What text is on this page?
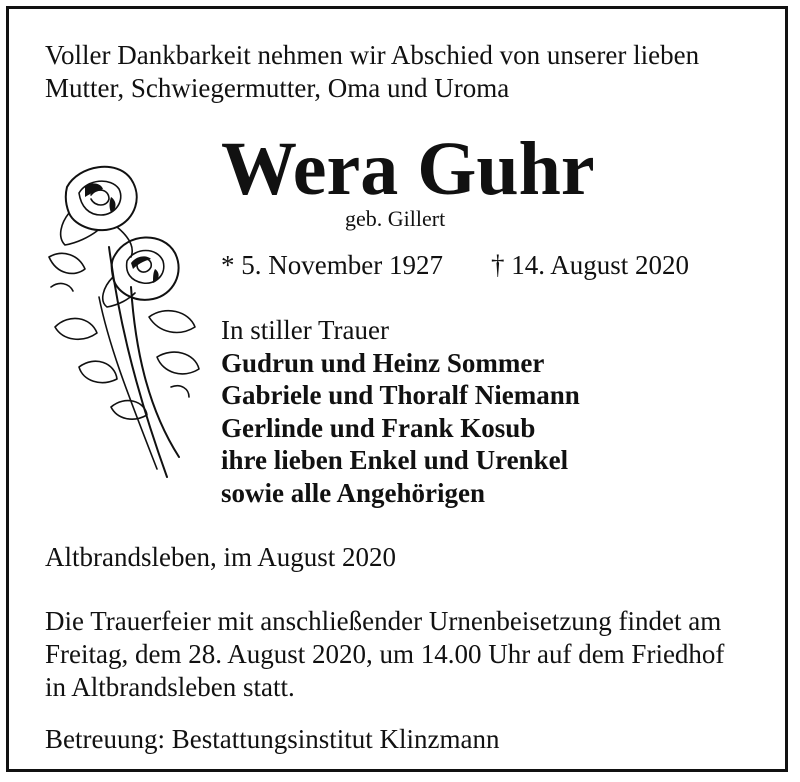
Voller Dankbarkeit nehmen wir Abschied von unserer lieben
Mutter, Schwiegermutter, Oma und Uroma
Wera Guhr
geb. Gillert
* 5. November 1927 † 14. August 2020
In stiller Trauer
Gudrun und Heinz Sommer
Gabriele und Thoralf Niemann
Gerlinde und Frank Kosub
ihre lieben Enkel und Urenkel
sowie alle Angehörigen
Altbrandsleben, im August 2020
Die Trauerfeier mit anschließender Urnenbeisetzung findet am
Freitag, dem 28. August 2020, um 14.00 Uhr auf dem Friedhof
in Altbrandsleben statt.
Betreuung: Bestattungsinstitut Klinzmann
